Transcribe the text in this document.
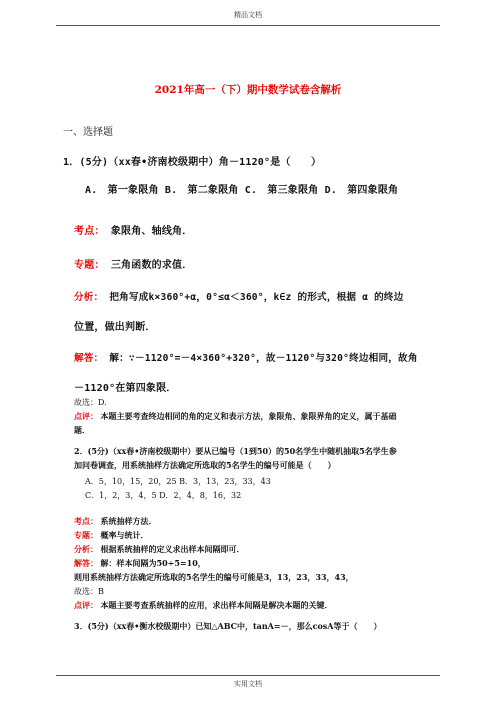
精品文档
2021年高一（下）期中数学试卷含解析
一、选择题
1．(5分)（xx春•济南校级期中）角－1120°是（　　）
A.　第一象限角 B.　第二象限角 C.　第三象限角 D.　第四象限角
考点： 象限角、轴线角．
专题： 三角函数的求值．
分析： 把角写成k×360°+α，0°≤α＜360°，k∈z 的形式，根据 α 的终边
位置，做出判断．
解答： 解：∵－1120°=－4×360°+320°，故－1120°与320°终边相同，故角
－1120°在第四象限．
故选：D．
点评： 本题主要考查终边相同的角的定义和表示方法，象限角、象限界角的定义，属于基础
题．
2．(5分)（xx春•济南校级期中）要从已编号（1到50）的50名学生中随机抽取5名学生参
加问卷调查，用系统抽样方法确定所选取的5名学生的编号可能是（　　）
A．5，10，15，20，25 B．3，13，23，33，43
C．1，2，3，4，5 D．2，4，8，16，32
考点： 系统抽样方法．
专题： 概率与统计．
分析： 根据系统抽样的定义求出样本间隔即可．
解答： 解：样本间隔为50÷5=10，
则用系统抽样方法确定所选取的5名学生的编号可能是3，13，23，33，43，
故选：B
点评： 本题主要考查系统抽样的应用，求出样本间隔是解决本题的关键．
3．(5分)（xx春•衡水校级期中）已知△ABC中，tanA=－，那么cosA等于（　　）
实用文档
